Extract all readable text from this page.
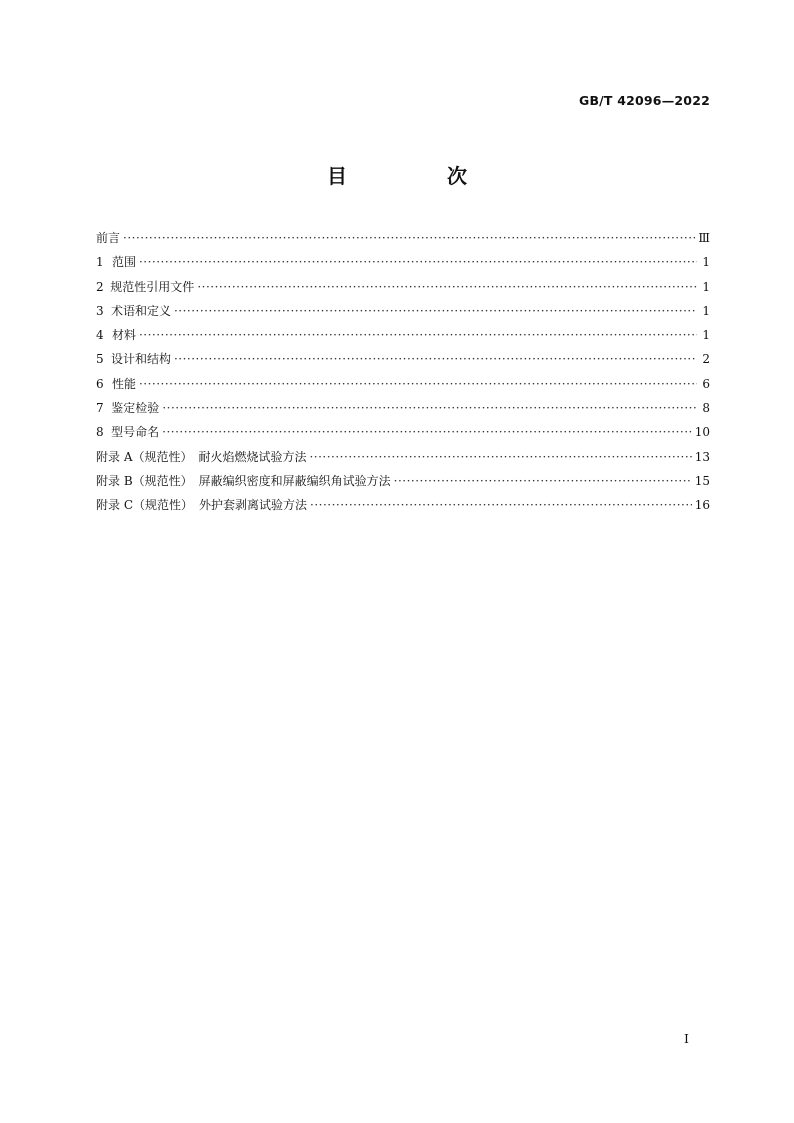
GB/T 42096—2022
目　次
前言 ·····	Ⅲ
1 范围 ·····	1
2 规范性引用文件 ·····	1
3 术语和定义 ·····	1
4 材料 ·····	1
5 设计和结构 ·····	2
6 性能 ·····	6
7 鉴定检验 ·····	8
8 型号命名 ·····	10
附录 A（规范性）　耐火焰燃烧试验方法 ·····	13
附录 B（规范性）　屏蔽编织密度和屏蔽编织角试验方法 ·····	15
附录 C（规范性）　外护套剥离试验方法 ·····	16
I
